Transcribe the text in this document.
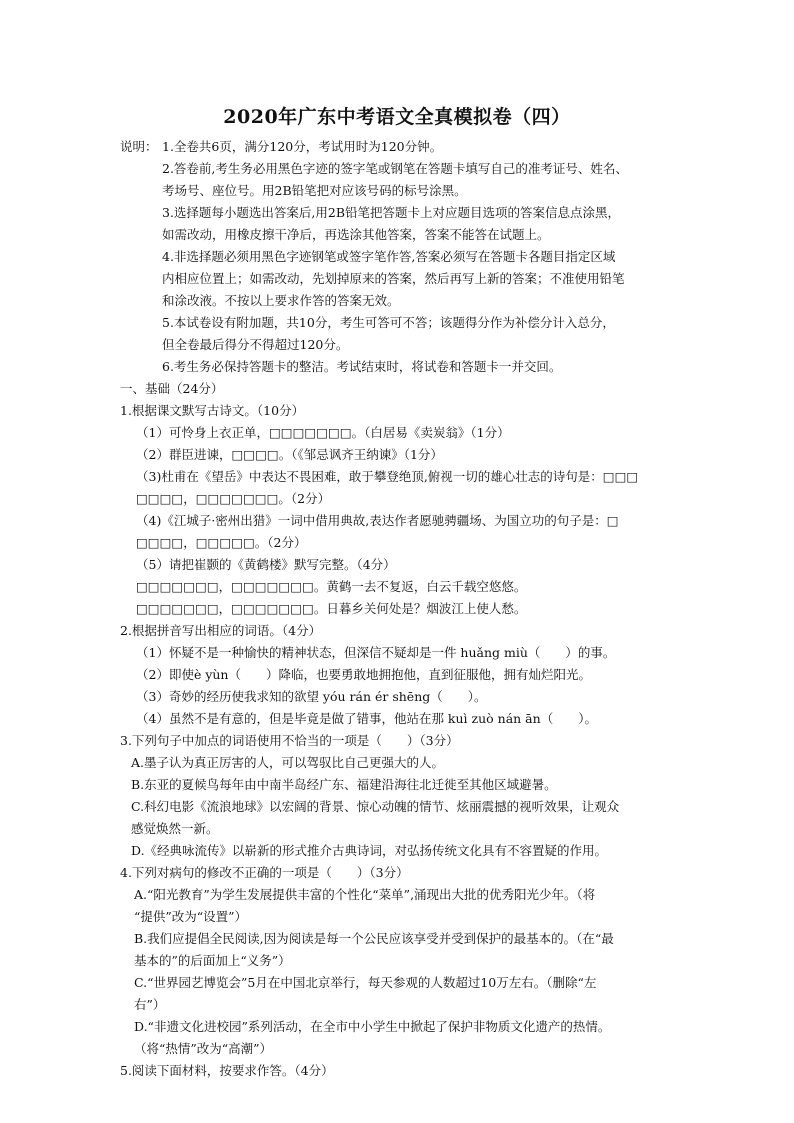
2020年广东中考语文全真模拟卷（四）
说明： 1.全卷共6页，满分120分，考试用时为120分钟。
2.答卷前,考生务必用黑色字迹的签字笔或钢笔在答题卡填写自己的准考证号、姓名、
考场号、座位号。用2B铅笔把对应该号码的标号涂黑。
3.选择题每小题选出答案后,用2B铅笔把答题卡上对应题目选项的答案信息点涂黑，
如需改动，用橡皮擦干净后，再选涂其他答案，答案不能答在试题上。
4.非选择题必须用黑色字迹钢笔或签字笔作答,答案必须写在答题卡各题目指定区域
内相应位置上；如需改动，先划掉原来的答案，然后再写上新的答案；不准使用铅笔
和涂改液。不按以上要求作答的答案无效。
5.本试卷设有附加题，共10分，考生可答可不答；该题得分作为补偿分计入总分，
但全卷最后得分不得超过120分。
6.考生务必保持答题卡的整洁。考试结束时，将试卷和答题卡一并交回。
一、基础（24分）
1.根据课文默写古诗文。（10分）
（1）可怜身上衣正单，□□□□□□□。（白居易《卖炭翁》（1分）
（2）群臣进谏，□□□□。（《邹忌讽齐王纳谏》（1分）
（3)杜甫在《望岳》中表达不畏困难，敢于攀登绝顶,俯视一切的雄心壮志的诗句是：□□□
□□□□，□□□□□□□。（2分）
（4)《江城子·密州出猎》一词中借用典故,表达作者愿驰骋疆场、为国立功的句子是：□
□□□□，□□□□□。（2分）
（5）请把崔颢的《黄鹤楼》默写完整。（4分）
□□□□□□□，□□□□□□□。黄鹤一去不复返，白云千载空悠悠。
□□□□□□□，□□□□□□□。日暮乡关何处是？烟波江上使人愁。
2.根据拼音写出相应的词语。（4分）
（1）怀疑不是一种愉快的精神状态，但深信不疑却是一件 huǎng miù（　　）的事。
（2）即使è yùn（　　）降临，也要勇敢地拥抱他，直到征服他，拥有灿烂阳光。
（3）奇妙的经历使我求知的欲望 yóu rán ér shēng（　　）。
（4）虽然不是有意的，但是毕竟是做了错事，他站在那 kuì zuò nán ān（　　）。
3.下列句子中加点的词语使用不恰当的一项是（　　）（3分）
A.墨子认为真正厉害的人，可以驾驭比自己更强大的人。
B.东亚的夏候鸟每年由中南半岛经广东、福建沿海往北迁徙至其他区域避暑。
C.科幻电影《流浪地球》以宏阔的背景、惊心动魄的情节、炫丽震撼的视听效果，让观众
感觉焕然一新。
D.《经典咏流传》以崭新的形式推介古典诗词，对弘扬传统文化具有不容置疑的作用。
4.下列对病句的修改不正确的一项是（　　）（3分）
A.“阳光教育”为学生发展提供丰富的个性化“菜单”,涌现出大批的优秀阳光少年。（将
“提供”改为“设置”）
B.我们应提倡全民阅读,因为阅读是每一个公民应该享受并受到保护的最基本的。（在“最
基本的”的后面加上“义务”）
C.“世界园艺博览会”5月在中国北京举行，每天参观的人数超过10万左右。（删除“左
右”）
D.“非遗文化进校园”系列活动，在全市中小学生中掀起了保护非物质文化遗产的热情。
（将“热情”改为“高潮”）
5.阅读下面材料，按要求作答。（4分）
